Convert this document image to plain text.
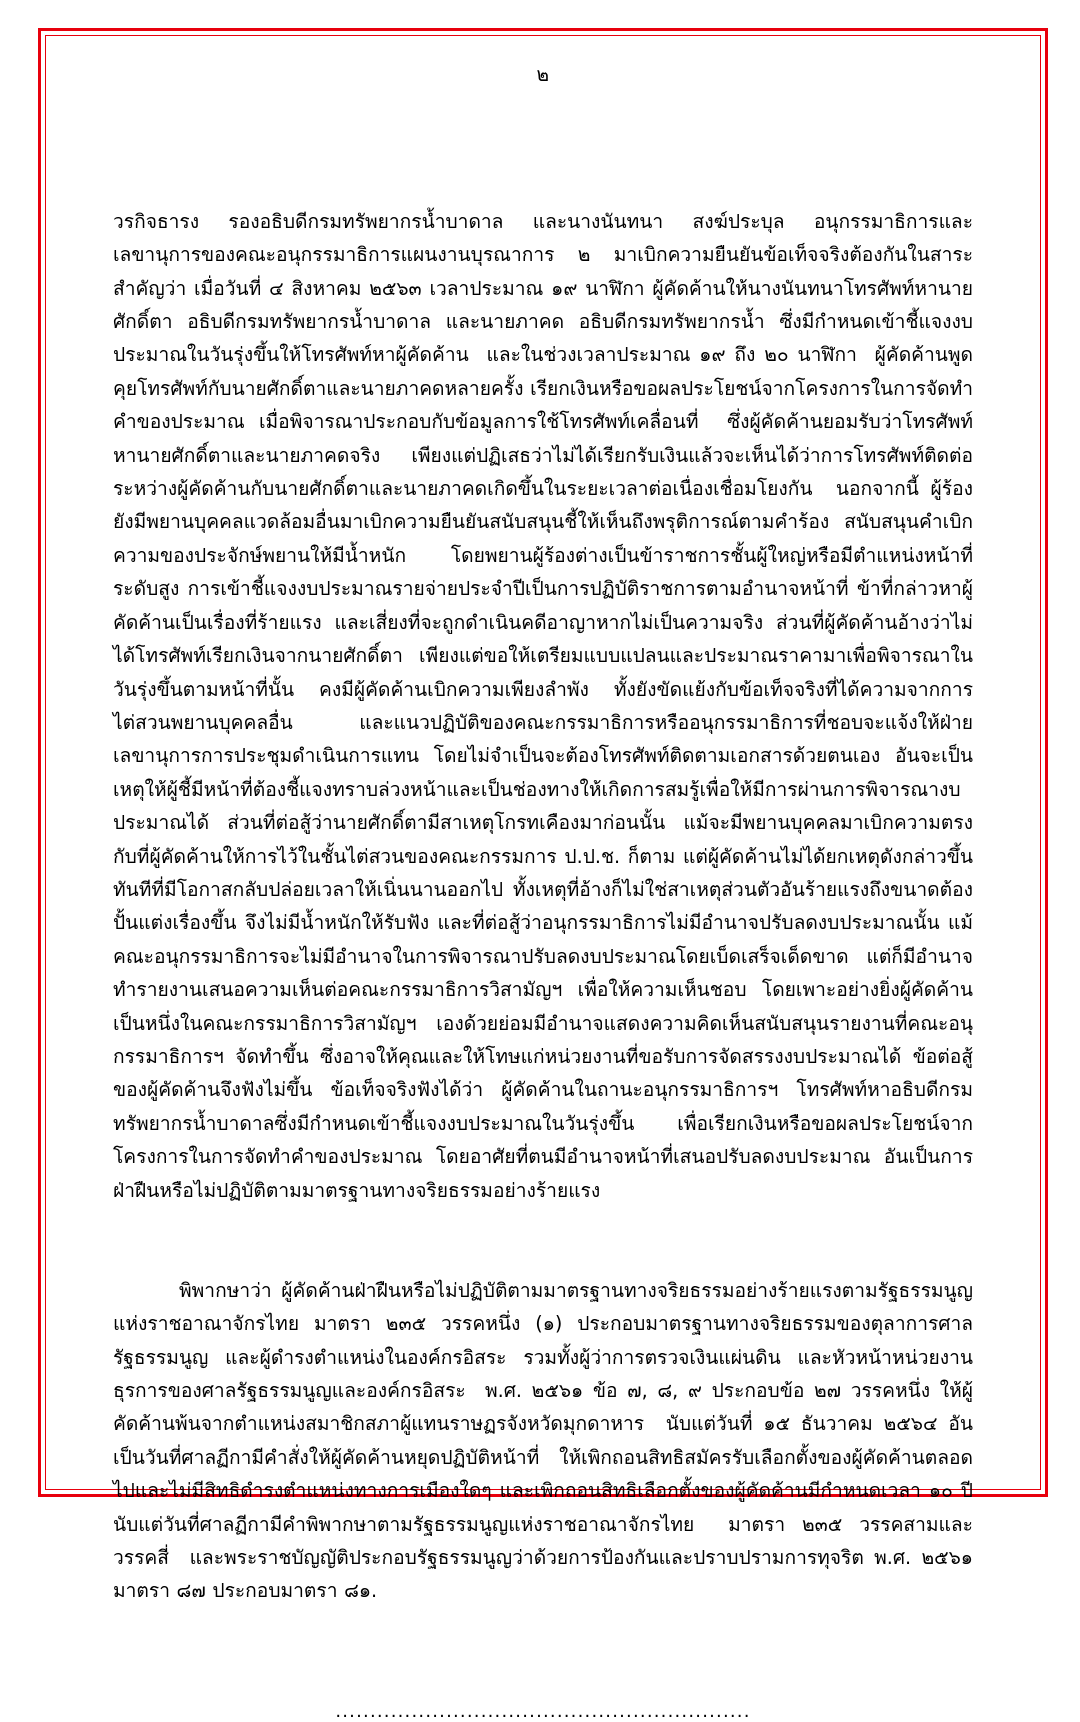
๒

วรกิจธารง  รองอธิบดีกรมทรัพยากรน้ำบาดาล  และนางนันทนา  สงฆ์ประบุล  อนุกรรมาธิการและเลขานุการของคณะอนุกรรมาธิการแผนงานบุรณาการ ๒ มาเบิกความยืนยันข้อเท็จจริงต้องกันในสาระสำคัญว่า เมื่อวันที่ ๔ สิงหาคม ๒๕๖๓ เวลาประมาณ ๑๙ นาฬิกา ผู้คัดค้านให้นางนันทนาโทรศัพท์หานายศักดิ์ตา  อธิบดีกรมทรัพยากรน้ำบาดาล  และนายภาคด  อธิบดีกรมทรัพยากรน้ำ  ซึ่งมีกำหนดเข้าชี้แจงงบประมาณในวันรุ่งขึ้นให้โทรศัพท์หาผู้คัดค้าน  และในช่วงเวลาประมาณ ๑๙ ถึง ๒๐ นาฬิกา  ผู้คัดค้านพูดคุยโทรศัพท์กับนายศักดิ์ตาและนายภาคดหลายครั้ง เรียกเงินหรือขอผลประโยชน์จากโครงการในการจัดทำคำของประมาณ เมื่อพิจารณาประกอบกับข้อมูลการใช้โทรศัพท์เคลื่อนที่  ซึ่งผู้คัดค้านยอมรับว่าโทรศัพท์หานายศักดิ์ตาและนายภาคดจริง เพียงแต่ปฏิเสธว่าไม่ได้เรียกรับเงินแล้วจะเห็นได้ว่าการโทรศัพท์ติดต่อระหว่างผู้คัดค้านกับนายศักดิ์ตาและนายภาคดเกิดขึ้นในระยะเวลาต่อเนื่องเชื่อมโยงกัน  นอกจากนี้ ผู้ร้องยังมีพยานบุคคลแวดล้อมอื่นมาเบิกความยืนยันสนับสนุนชี้ให้เห็นถึงพรุติการณ์ตามคำร้อง สนับสนุนคำเบิกความของประจักษ์พยานให้มีน้ำหนัก โดยพยานผู้ร้องต่างเป็นข้าราชการชั้นผู้ใหญ่หรือมีตำแหน่งหน้าที่ระดับสูง การเข้าชี้แจงงบประมาณรายจ่ายประจำปีเป็นการปฏิบัติราชการตามอำนาจหน้าที่ ข้าที่กล่าวหาผู้คัดค้านเป็นเรื่องที่ร้ายแรง และเสี่ยงที่จะถูกดำเนินคดีอาญาหากไม่เป็นความจริง ส่วนที่ผู้คัดค้านอ้างว่าไม่ได้โทรศัพท์เรียกเงินจากนายศักดิ์ตา เพียงแต่ขอให้เตรียมแบบแปลนและประมาณราคามาเพื่อพิจารณาในวันรุ่งขึ้นตามหน้าที่นั้น คงมีผู้คัดค้านเบิกความเพียงลำพัง ทั้งยังขัดแย้งกับข้อเท็จจริงที่ได้ความจากการไต่สวนพยานบุคคลอื่น และแนวปฏิบัติของคณะกรรมาธิการหรืออนุกรรมาธิการที่ชอบจะแจ้งให้ฝ่ายเลขานุการการประชุมดำเนินการแทน โดยไม่จำเป็นจะต้องโทรศัพท์ติดตามเอกสารด้วยตนเอง อันจะเป็นเหตุให้ผู้ชี้มีหน้าที่ต้องชี้แจงทราบล่วงหน้าและเป็นช่องทางให้เกิดการสมรู้เพื่อให้มีการผ่านการพิจารณางบประมาณได้ ส่วนที่ต่อสู้ว่านายศักดิ์ตามีสาเหตุโกรทเคืองมาก่อนนั้น แม้จะมีพยานบุคคลมาเบิกความตรงกับที่ผู้คัดค้านให้การไว้ในชั้นไต่สวนของคณะกรรมการ ป.ป.ช. ก็ตาม แต่ผู้คัดค้านไม่ได้ยกเหตุดังกล่าวขึ้นทันทีที่มีโอกาสกลับปล่อยเวลาให้เนิ่นนานออกไป ทั้งเหตุที่อ้างก็ไม่ใช่สาเหตุส่วนตัวอันร้ายแรงถึงขนาดต้องปั้นแต่งเรื่องขึ้น จึงไม่มีน้ำหนักให้รับฟัง และที่ต่อสู้ว่าอนุกรรมาธิการไม่มีอำนาจปรับลดงบประมาณนั้น แม้คณะอนุกรรมาธิการจะไม่มีอำนาจในการพิจารณาปรับลดงบประมาณโดยเบ็ดเสร็จเด็ดขาด แต่ก็มีอำนาจทำรายงานเสนอความเห็นต่อคณะกรรมาธิการวิสามัญฯ เพื่อให้ความเห็นชอบ โดยเพาะอย่างยิ่งผู้คัดค้านเป็นหนึ่งในคณะกรรมาธิการวิสามัญฯ เองด้วยย่อมมีอำนาจแสดงความคิดเห็นสนับสนุนรายงานที่คณะอนุกรรมาธิการฯ จัดทำขึ้น ซึ่งอาจให้คุณและให้โทษแก่หน่วยงานที่ขอรับการจัดสรรงงบประมาณได้ ข้อต่อสู้ของผู้คัดค้านจึงฟังไม่ขึ้น ข้อเท็จจริงฟังได้ว่า ผู้คัดค้านในถานะอนุกรรมาธิการฯ โทรศัพท์หาอธิบดีกรมทรัพยากรน้ำบาดาลซึ่งมีกำหนดเข้าชี้แจงงบประมาณในวันรุ่งขึ้น เพื่อเรียกเงินหรือขอผลประโยชน์จากโครงการในการจัดทำคำของประมาณ โดยอาศัยที่ตนมีอำนาจหน้าที่เสนอปรับลดงบประมาณ อันเป็นการฝ่าฝืนหรือไม่ปฏิบัติตามมาตรฐานทางจริยธรรมอย่างร้ายแรง

พิพากษาว่า ผู้คัดค้านฝ่าฝืนหรือไม่ปฏิบัติตามมาตรฐานทางจริยธรรมอย่างร้ายแรงตามรัฐธรรมนูญแห่งราชอาณาจักรไทย มาตรา ๒๓๕ วรรคหนึ่ง (๑) ประกอบมาตรฐานทางจริยธรรมของตุลาการศาลรัฐธรรมนูญ และผู้ดำรงตำแหน่งในองค์กรอิสระ รวมทั้งผู้ว่าการตรวจเงินแผ่นดิน และหัวหน้าหน่วยงานธุรการของศาลรัฐธรรมนูญและองค์กรอิสระ  พ.ศ. ๒๕๖๑ ข้อ ๗, ๘, ๙ ประกอบข้อ ๒๗ วรรคหนึ่ง ให้ผู้คัดค้านพ้นจากตำแหน่งสมาชิกสภาผู้แทนราษฏรจังหวัดมุกดาหาร  นับแต่วันที่ ๑๕ ธันวาคม ๒๕๖๔ อันเป็นวันที่ศาลฏีกามีคำสั่งให้ผู้คัดค้านหยุดปฏิบัติหน้าที่ ให้เพิกถอนสิทธิสมัครรับเลือกตั้งของผู้คัดค้านตลอดไปและไม่มีสิทธิดำรงตำแหน่งทางการเมืองใดๆ และเพิกถอนสิทธิเลือกตั้งของผู้คัดค้านมีกำหนดเวลา ๑๐ ปี นับแต่วันที่ศาลฏีกามีคำพิพากษาตามรัฐธรรมนูญแห่งราชอาณาจักรไทย  มาตรา ๒๓๕ วรรคสามและวรรคสี่  และพระราชบัญญัติประกอบรัฐธรรมนูญว่าด้วยการป้องกันและปราบปรามการทุจริต พ.ศ. ๒๕๖๑ มาตรา ๘๗ ประกอบมาตรา ๘๑.

............................................................
